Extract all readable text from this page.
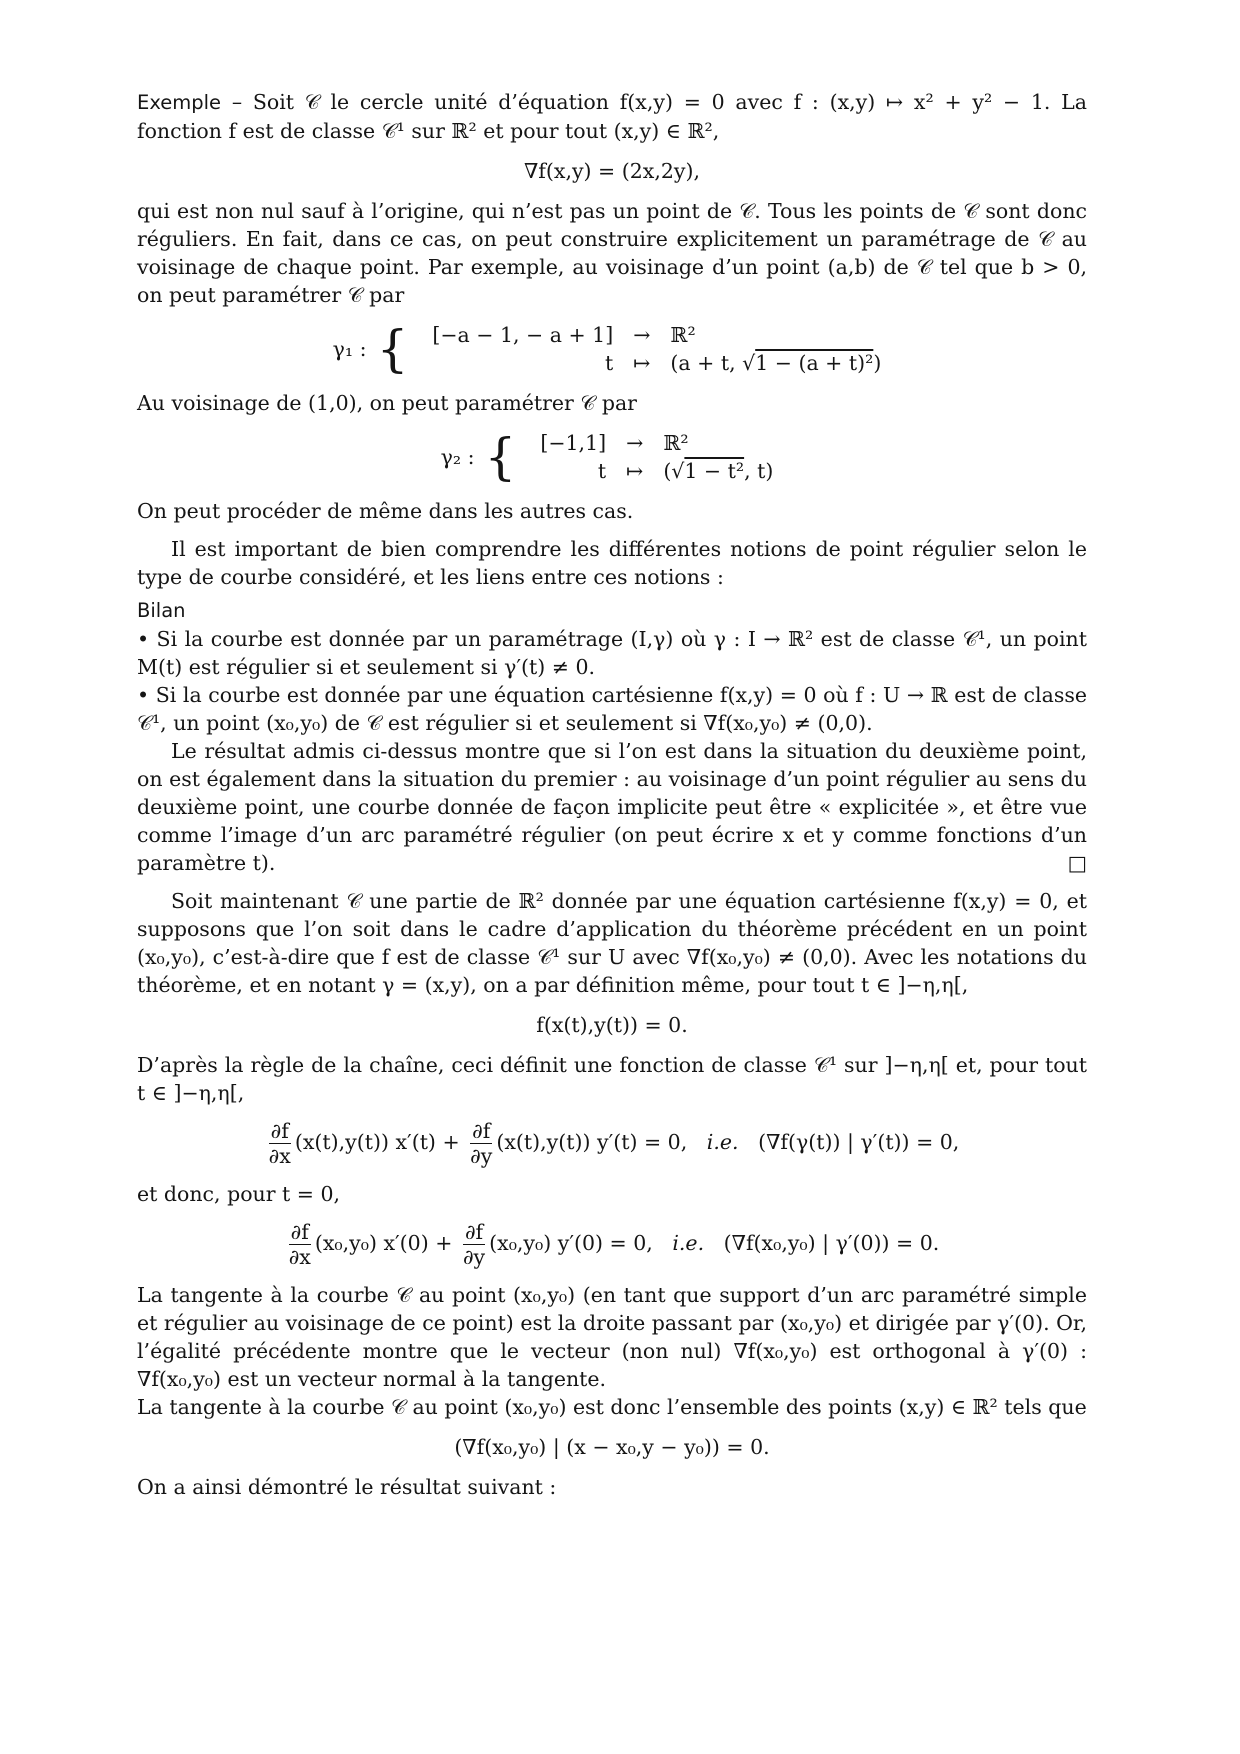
Exemple – Soit 𝒞 le cercle unité d’équation f(x,y) = 0 avec f : (x,y) ↦ x² + y² − 1. La fonction f est de classe 𝒞¹ sur ℝ² et pour tout (x,y) ∈ ℝ²,

∇f(x,y) = (2x,2y),

qui est non nul sauf à l’origine, qui n’est pas un point de 𝒞. Tous les points de 𝒞 sont donc réguliers. En fait, dans ce cas, on peut construire explicitement un paramétrage de 𝒞 au voisinage de chaque point. Par exemple, au voisinage d’un point (a,b) de 𝒞 tel que b > 0, on peut paramétrer 𝒞 par

γ₁ : { [−a − 1, − a + 1]	→	ℝ²
t	↦	(a + t, √1 − (a + t)²)

Au voisinage de (1,0), on peut paramétrer 𝒞 par

γ₂ : { [−1,1]	→	ℝ²
t	↦	(√1 − t², t)

On peut procéder de même dans les autres cas.

Il est important de bien comprendre les différentes notions de point régulier selon le type de courbe considéré, et les liens entre ces notions :

Bilan

• Si la courbe est donnée par un paramétrage (I,γ) où γ : I → ℝ² est de classe 𝒞¹, un point M(t) est régulier si et seulement si γ′(t) ≠ 0.

• Si la courbe est donnée par une équation cartésienne f(x,y) = 0 où f : U → ℝ est de classe 𝒞¹, un point (x₀,y₀) de 𝒞 est régulier si et seulement si ∇f(x₀,y₀) ≠ (0,0).

Le résultat admis ci-dessus montre que si l’on est dans la situation du deuxième point, on est également dans la situation du premier : au voisinage d’un point régulier au sens du deuxième point, une courbe donnée de façon implicite peut être « explicitée », et être vue comme l’image d’un arc paramétré régulier (on peut écrire x et y comme fonctions d’un paramètre t).	□

Soit maintenant 𝒞 une partie de ℝ² donnée par une équation cartésienne f(x,y) = 0, et supposons que l’on soit dans le cadre d’application du théorème précédent en un point (x₀,y₀), c’est-à-dire que f est de classe 𝒞¹ sur U avec ∇f(x₀,y₀) ≠ (0,0). Avec les notations du théorème, et en notant γ = (x,y), on a par définition même, pour tout t ∈ ]−η,η[,

f(x(t),y(t)) = 0.

D’après la règle de la chaîne, ceci définit une fonction de classe 𝒞¹ sur ]−η,η[ et, pour tout t ∈ ]−η,η[,

$\frac{\partial f}{\partial x} (x(t),y(t)) x'(t) + \frac{\partial f}{\partial y} (x(t),y(t)) y'(t) = 0$, i.e. (∇f(γ(t)) | γ′(t)) = 0,

et donc, pour t = 0,

$\frac{\partial f}{\partial x} (x_0,y_0) x'(0) + \frac{\partial f}{\partial y} (x_0,y_0) y'(0) = 0$, i.e. (∇f(x₀,y₀) | γ′(0)) = 0.

La tangente à la courbe 𝒞 au point (x₀,y₀) (en tant que support d’un arc paramétré simple et régulier au voisinage de ce point) est la droite passant par (x₀,y₀) et dirigée par γ′(0). Or, l’égalité précédente montre que le vecteur (non nul) ∇f(x₀,y₀) est orthogonal à γ′(0) : ∇f(x₀,y₀) est un vecteur normal à la tangente.

La tangente à la courbe 𝒞 au point (x₀,y₀) est donc l’ensemble des points (x,y) ∈ ℝ² tels que

(∇f(x₀,y₀) | (x − x₀,y − y₀)) = 0.

On a ainsi démontré le résultat suivant :
